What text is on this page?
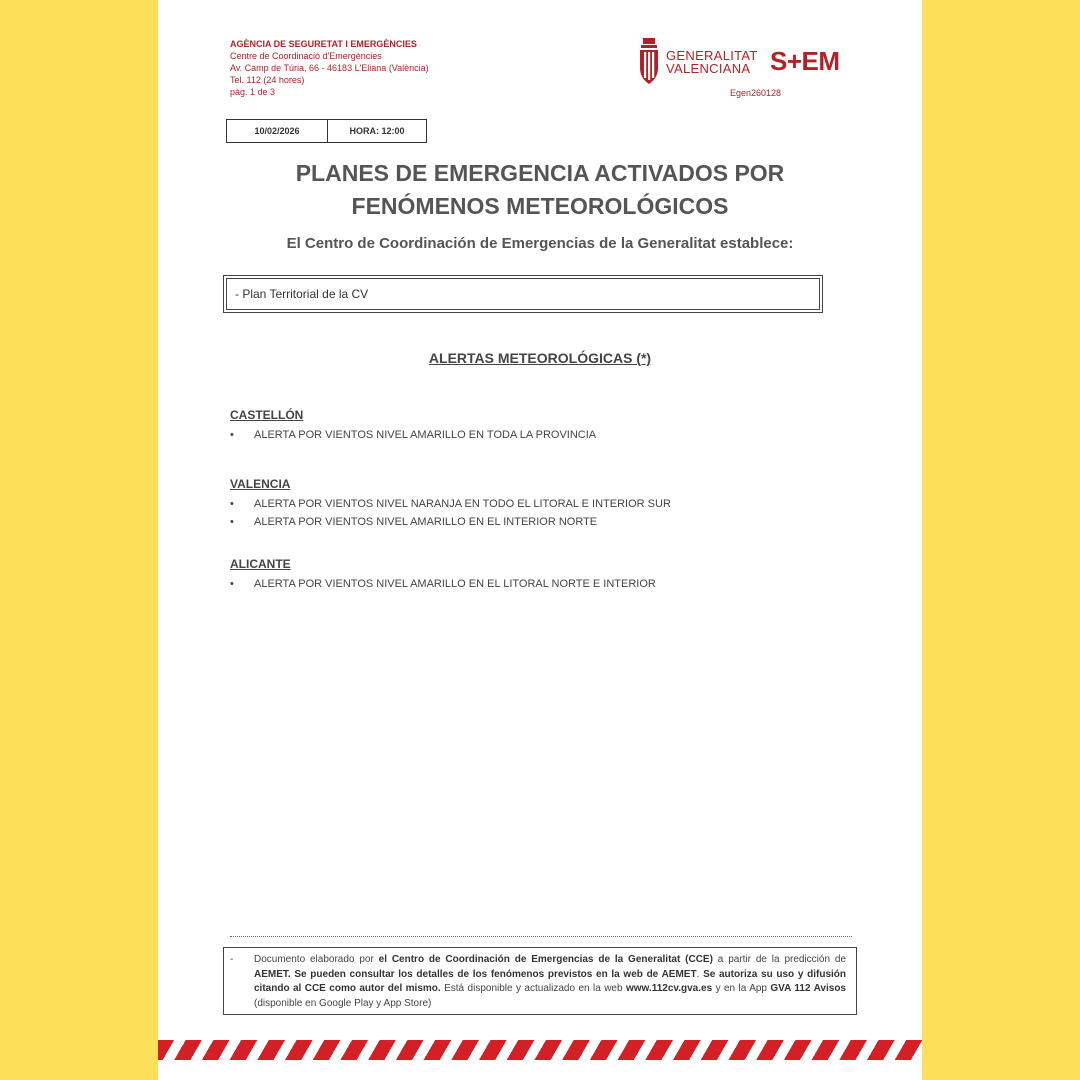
AGÈNCIA DE SEGURETAT I EMERGÈNCIES
Centre de Coordinació d'Emergències
Av. Camp de Túria, 66 - 46183 L'Eliana (València)
Tel. 112 (24 hores)
pàg. 1 de 3
GENERALITAT
VALENCIANA S+EM
Egen260128
10/02/2026	HORA: 12:00
PLANES DE EMERGENCIA ACTIVADOS POR
FENÓMENOS METEOROLÓGICOS
El Centro de Coordinación de Emergencias de la Generalitat establece:
- Plan Territorial de la CV
ALERTAS METEOROLÓGICAS (*)
CASTELLÓN
• ALERTA POR VIENTOS NIVEL AMARILLO EN TODA LA PROVINCIA
VALENCIA
• ALERTA POR VIENTOS NIVEL NARANJA EN TODO EL LITORAL E INTERIOR SUR
• ALERTA POR VIENTOS NIVEL AMARILLO EN EL INTERIOR NORTE
ALICANTE
• ALERTA POR VIENTOS NIVEL AMARILLO EN EL LITORAL NORTE E INTERIOR
- Documento elaborado por el Centro de Coordinación de Emergencias de la Generalitat (CCE) a partir de la predicción de AEMET. Se pueden consultar los detalles de los fenómenos previstos en la web de AEMET. Se autoriza su uso y difusión citando al CCE como autor del mismo. Está disponible y actualizado en la web www.112cv.gva.es y en la App GVA 112 Avisos (disponible en Google Play y App Store)
